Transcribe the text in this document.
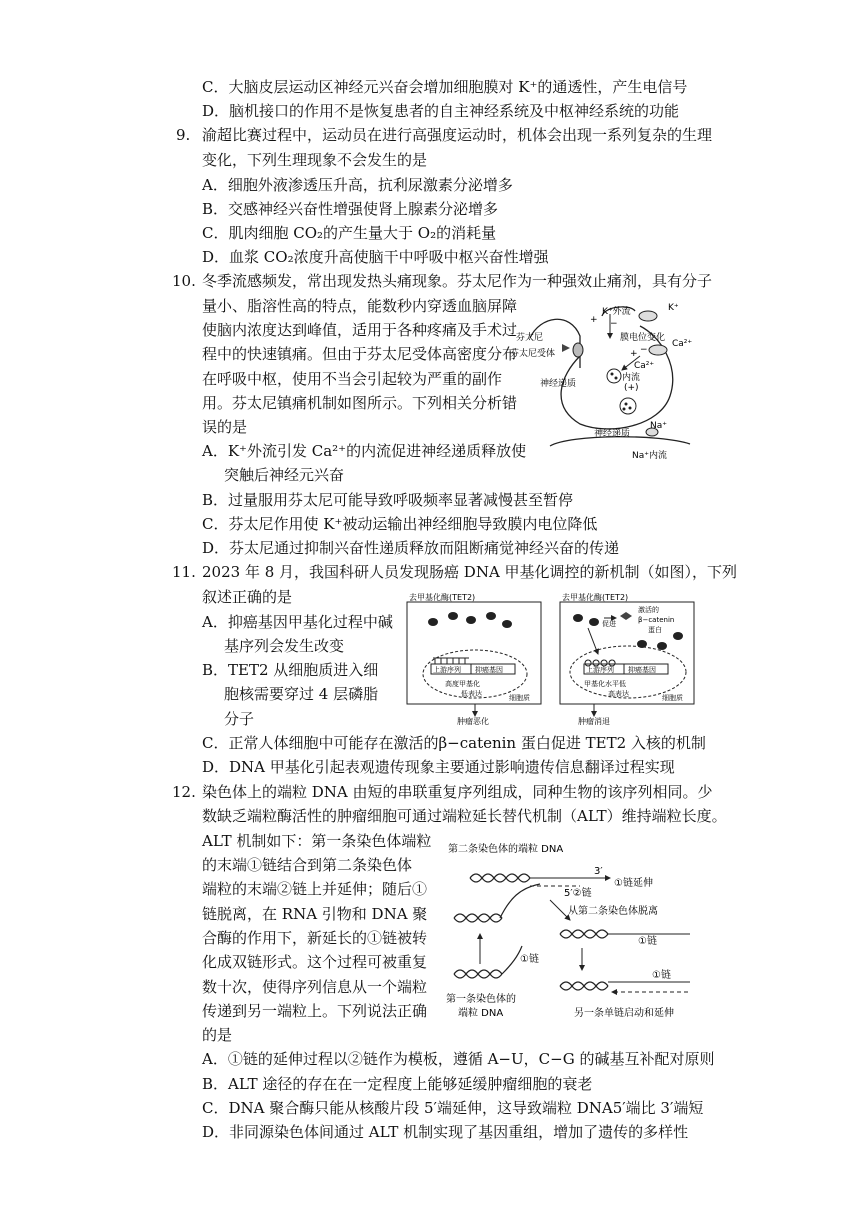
C．大脑皮层运动区神经元兴奋会增加细胞膜对 K⁺的通透性，产生电信号
D．脑机接口的作用不是恢复患者的自主神经系统及中枢神经系统的功能
9. 渝超比赛过程中，运动员在进行高强度运动时，机体会出现一系列复杂的生理
变化，下列生理现象不会发生的是
A．细胞外液渗透压升高，抗利尿激素分泌增多
B．交感神经兴奋性增强使肾上腺素分泌增多
C．肌肉细胞 CO₂的产生量大于 O₂的消耗量
D．血浆 CO₂浓度升高使脑干中呼吸中枢兴奋性增强
10. 冬季流感频发，常出现发热头痛现象。芬太尼作为一种强效止痛剂，具有分子
量小、脂溶性高的特点，能数秒内穿透血脑屏障
使脑内浓度达到峰值，适用于各种疼痛及手术过
程中的快速镇痛。但由于芬太尼受体高密度分布
在呼吸中枢，使用不当会引起较为严重的副作
用。芬太尼镇痛机制如图所示。下列相关分析错
误的是
A．K⁺外流引发 Ca²⁺的内流促进神经递质释放使
突触后神经元兴奋
B．过量服用芬太尼可能导致呼吸频率显著减慢甚至暂停
C．芬太尼作用使 K⁺被动运输出神经细胞导致膜内电位降低
D．芬太尼通过抑制兴奋性递质释放而阻断痛觉神经兴奋的传递
K⁺外流	K⁺
膜电位变化
芬太尼
芬太尼受体
Ca²⁺
Ca²⁺
内流
(+)
神经递质
神经递质
Na⁺
Na⁺内流
+
+
−
−
11. 2023 年 8 月，我国科研人员发现肠癌 DNA 甲基化调控的新机制（如图），下列
叙述正确的是
A．抑癌基因甲基化过程中碱
基序列会发生改变
B．TET2 从细胞质进入细
胞核需要穿过 4 层磷脂
分子
C．正常人体细胞中可能存在激活的β−catenin 蛋白促进 TET2 入核的机制
D．DNA 甲基化引起表观遗传现象主要通过影响遗传信息翻译过程实现
去甲基化酶(TET2)
上游序列 抑癌基因
高度甲基化
低表达	细胞质
肿瘤恶化
去甲基化酶(TET2)
促进
激活的
β−catenin
蛋白
上游序列 抑癌基因
甲基化水平低
高表达	细胞质
肿瘤消退
12. 染色体上的端粒 DNA 由短的串联重复序列组成，同种生物的该序列相同。少
数缺乏端粒酶活性的肿瘤细胞可通过端粒延长替代机制（ALT）维持端粒长度。
ALT 机制如下：第一条染色体端粒
的末端①链结合到第二条染色体
端粒的末端②链上并延伸；随后①
链脱离，在 RNA 引物和 DNA 聚
合酶的作用下，新延长的①链被转
化成双链形式。这个过程可被重复
数十次，使得序列信息从一个端粒
传递到另一端粒上。下列说法正确
的是
A．①链的延伸过程以②链作为模板，遵循 A−U，C−G 的碱基互补配对原则
B．ALT 途径的存在在一定程度上能够延缓肿瘤细胞的衰老
C．DNA 聚合酶只能从核酸片段 5′端延伸，这导致端粒 DNA5′端比 3′端短
D．非同源染色体间通过 ALT 机制实现了基因重组，增加了遗传的多样性
第二条染色体的端粒 DNA
3′
①链延伸
5′②链
从第二条染色体脱离
①链
①链
①链
第一条染色体的
端粒 DNA	另一条单链启动和延伸
